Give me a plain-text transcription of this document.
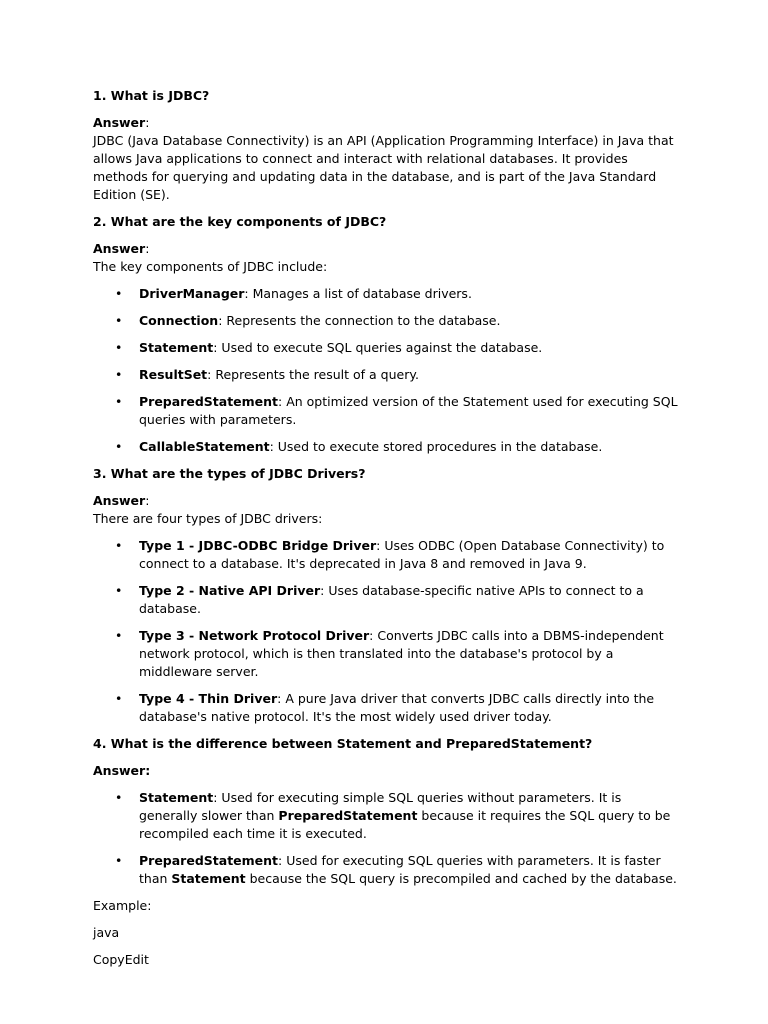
1. What is JDBC?

Answer:
JDBC (Java Database Connectivity) is an API (Application Programming Interface) in Java that allows Java applications to connect and interact with relational databases. It provides methods for querying and updating data in the database, and is part of the Java Standard Edition (SE).

2. What are the key components of JDBC?

Answer:
The key components of JDBC include:

• DriverManager: Manages a list of database drivers.
• Connection: Represents the connection to the database.
• Statement: Used to execute SQL queries against the database.
• ResultSet: Represents the result of a query.
• PreparedStatement: An optimized version of the Statement used for executing SQL queries with parameters.
• CallableStatement: Used to execute stored procedures in the database.

3. What are the types of JDBC Drivers?

Answer:
There are four types of JDBC drivers:

• Type 1 - JDBC-ODBC Bridge Driver: Uses ODBC (Open Database Connectivity) to connect to a database. It's deprecated in Java 8 and removed in Java 9.
• Type 2 - Native API Driver: Uses database-specific native APIs to connect to a database.
• Type 3 - Network Protocol Driver: Converts JDBC calls into a DBMS-independent network protocol, which is then translated into the database's protocol by a middleware server.
• Type 4 - Thin Driver: A pure Java driver that converts JDBC calls directly into the database's native protocol. It's the most widely used driver today.

4. What is the difference between Statement and PreparedStatement?

Answer:

• Statement: Used for executing simple SQL queries without parameters. It is generally slower than PreparedStatement because it requires the SQL query to be recompiled each time it is executed.
• PreparedStatement: Used for executing SQL queries with parameters. It is faster than Statement because the SQL query is precompiled and cached by the database.

Example:

java

CopyEdit
